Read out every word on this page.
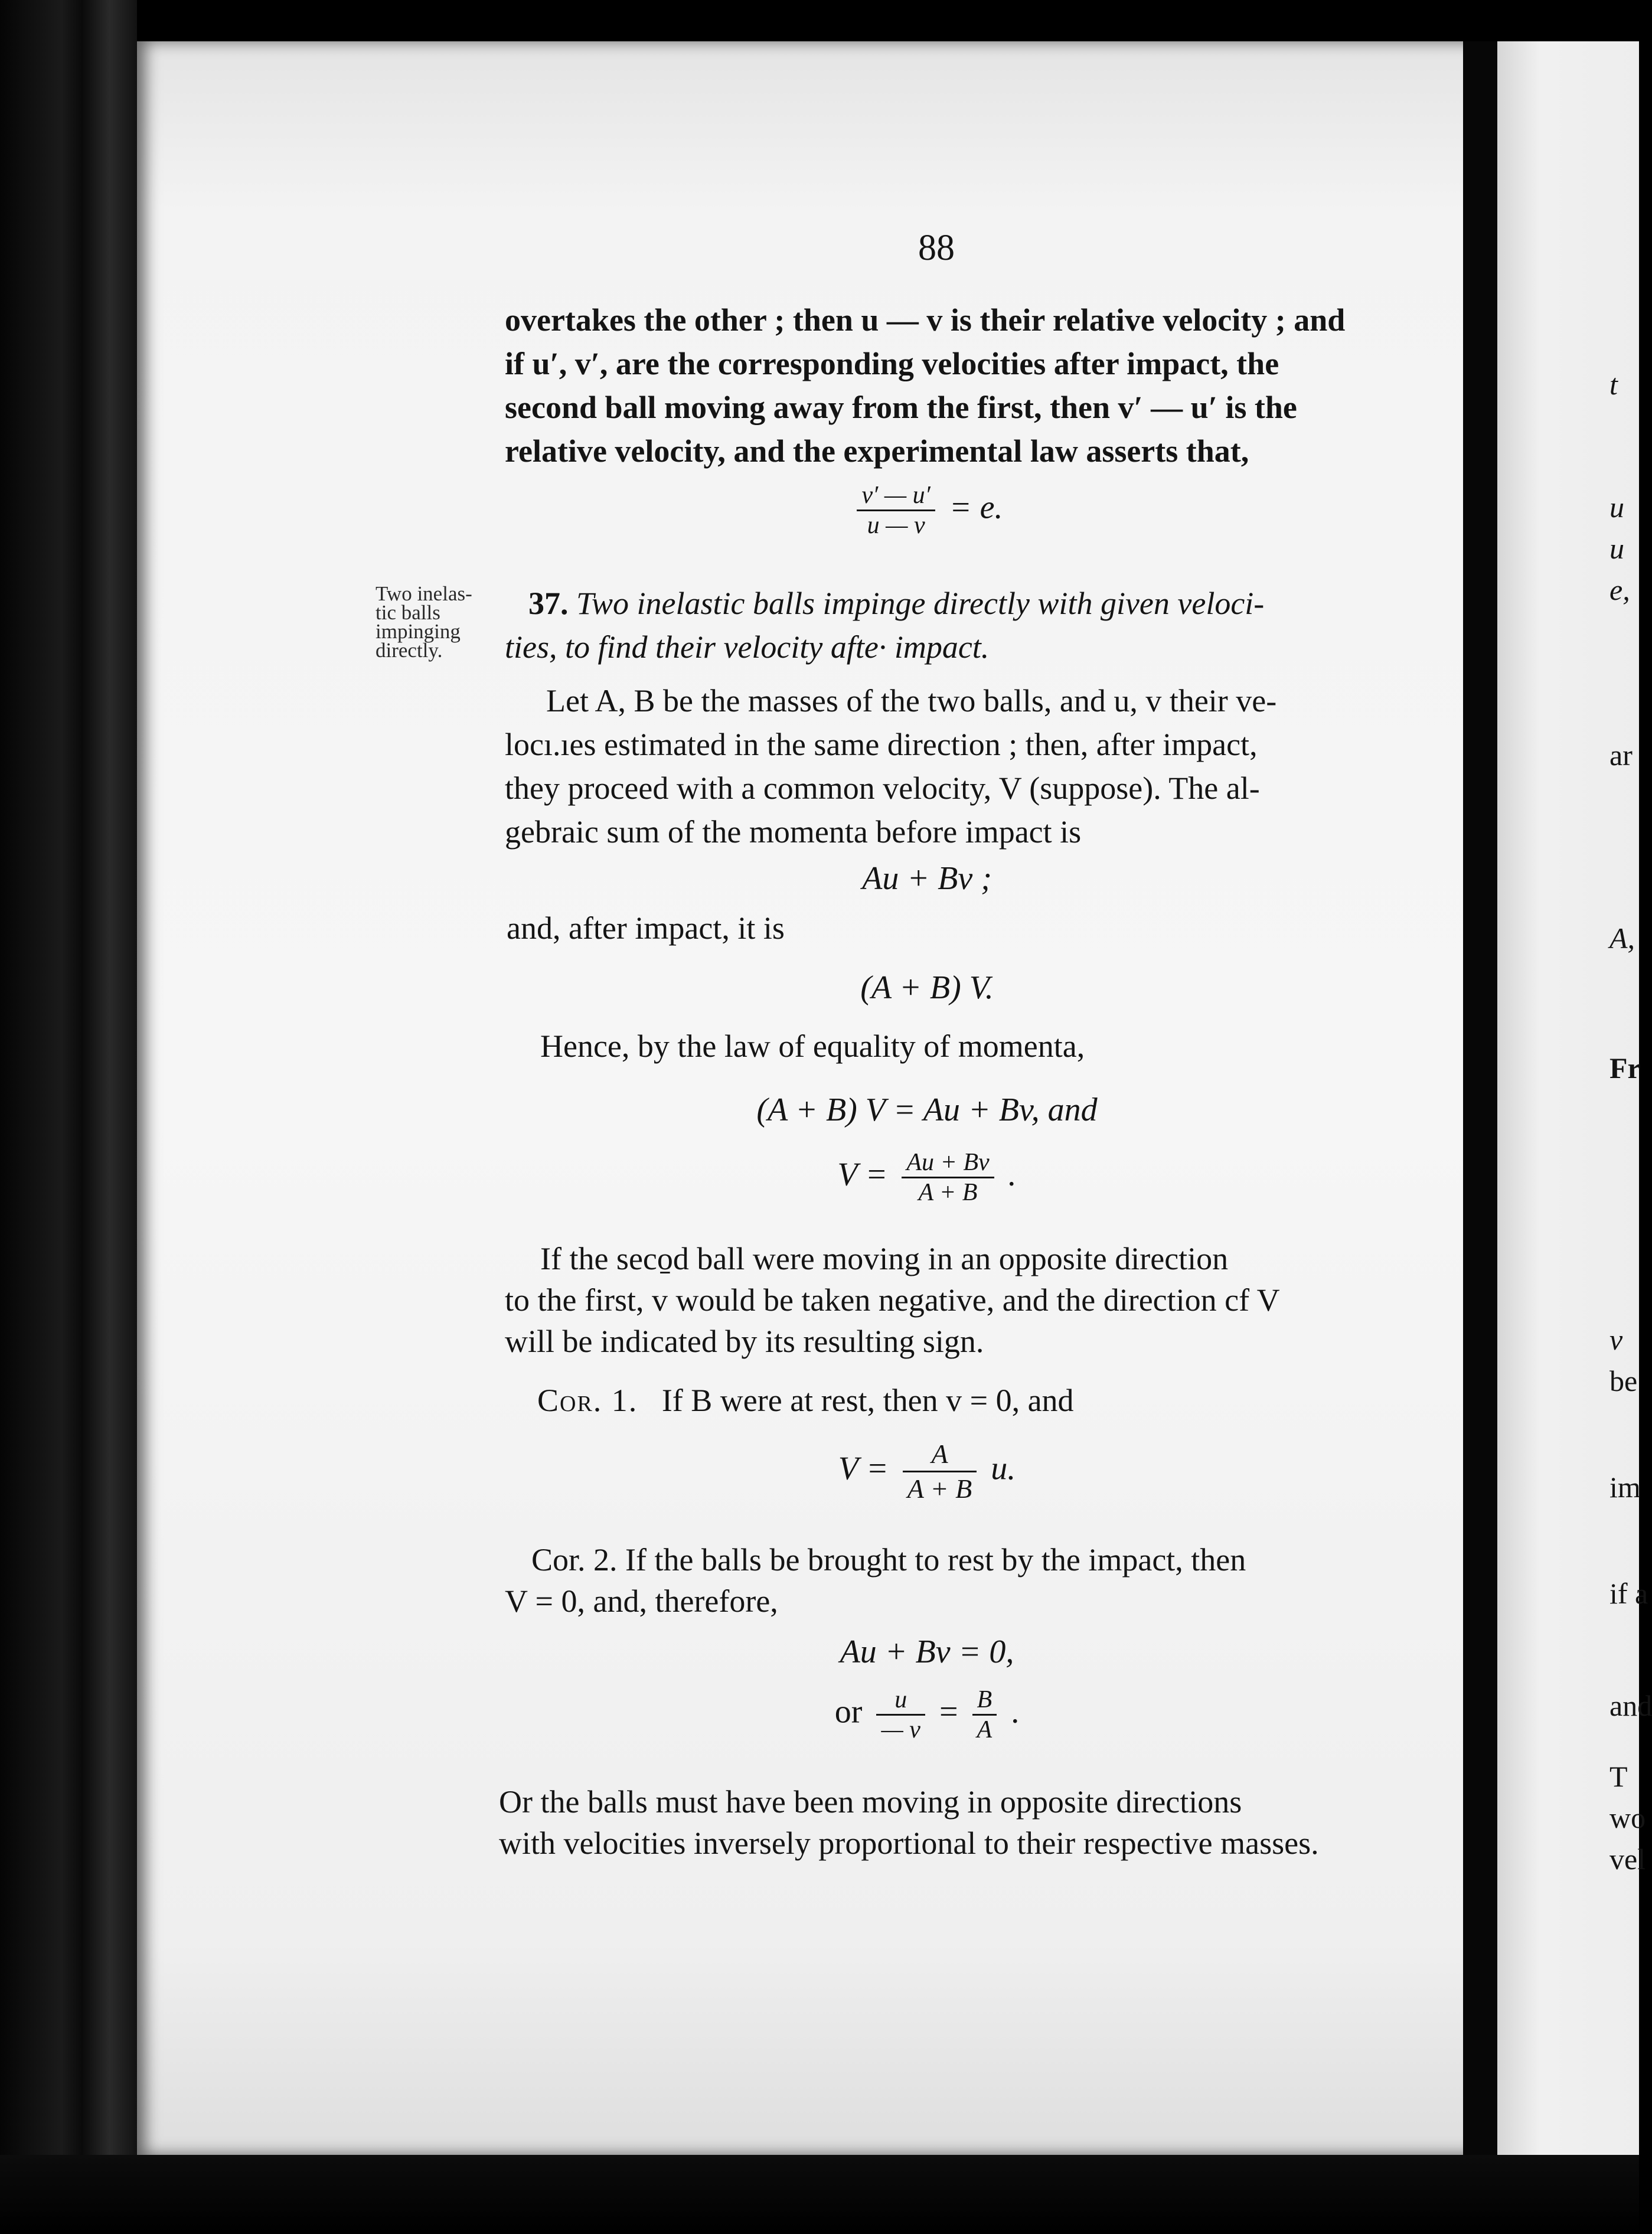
t
u
u
e,
ar
A,
Fr
v
be
im
if a
and
T
wo
vel
88
overtakes the other ; then u — v is their relative velocity ; and
if u′, v′, are the corresponding velocities after impact, the
second ball moving away from the first, then v′ — u′ is the
relative velocity, and the experimental law asserts that,
$\frac{v' — u'}{u — v} = e$.
Two inelas-
tic balls
impinging
directly.
37. Two inelastic balls impinge directly with given veloci-
ties, to find their velocity afte· impact.
Let A, B be the masses of the two balls, and u, v their ve-
locı.ıes estimated in the same direction ; then, after impact,
they proceed with a common velocity, V (suppose). The al-
gebraic sum of the momenta before impact is
Au + Bv ;
and, after impact, it is
(A + B) V.
Hence, by the law of equality of momenta,
(A + B) V = Au + Bv, and
$V = \frac{Au + Bv}{A + B}$ .
If the seco̱d ball were moving in an opposite direction
to the first, v would be taken negative, and the direction cf V
will be indicated by its resulting sign.
Cor. 1. If B were at rest, then v = 0, and
$V = \frac{A}{A + B} u$.
Cor. 2. If the balls be brought to rest by the impact, then
V = 0, and, therefore,
Au + Bv = 0,
or $\frac{u}{— v} = \frac{B}{A}$ .
Or the balls must have been moving in opposite directions
with velocities inversely proportional to their respective masses.
